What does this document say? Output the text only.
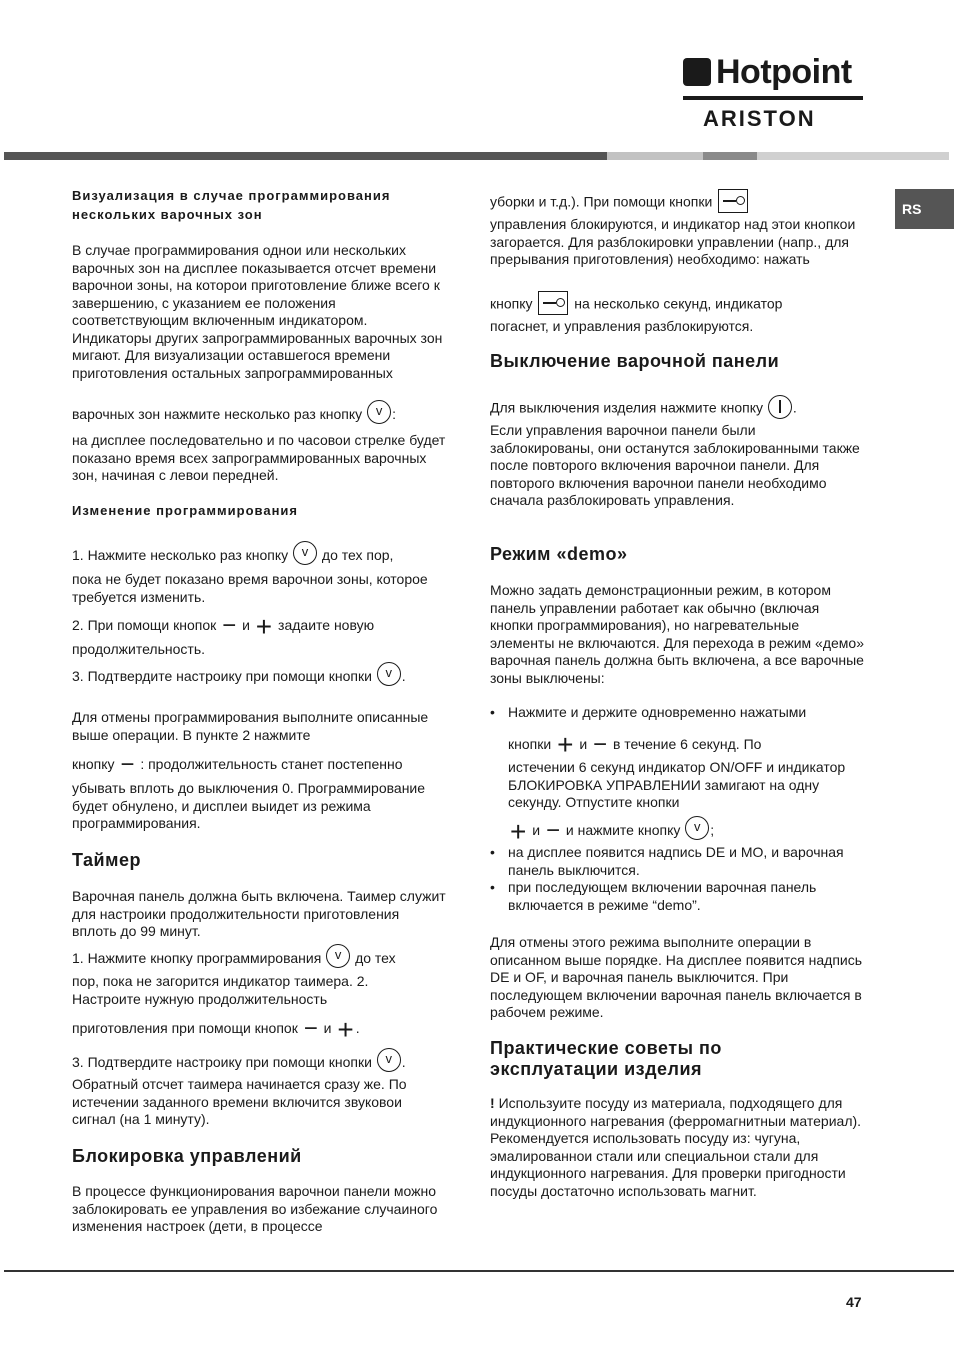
Hotpoint
ARISTON
RS
Визуализация в случае программирования нескольких варочных зон
В случае программирования однои или нескольких варочных зон на дисплее показывается отсчет времени варочнои зоны, на которои приготовление ближе всего к завершению, с указанием ее положения соответствующим включенным индикатором. Индикаторы других запрограммированных варочных зон мигают. Для визуализации оставшегося времени приготовления остальных запрограммированных
варочных зон нажмите несколько раз кнопку v :
на дисплее последовательно и по часовои стрелке будет показано время всех запрограммированных варочных зон, начиная с левои передней.
Изменение программирования
1. Нажмите несколько раз кнопку v до тех пор,
пока не будет показано время варочнои зоны, которое требуется изменить.
2. При помощи кнопок − и + задаите новую
продолжительность.
3. Подтвердите настроику при помощи кнопки v .
Для отмены программирования выполните описанные выше операции. В пункте 2 нажмите
кнопку − : продолжительность станет постепенно
убывать вплоть до выключения 0. Программирование будет обнулено, и дисплеи выидет из режима программирования.
Таймер
Варочная панель должна быть включена. Таимер служит для настроики продолжительности приготовления вплоть до 99 минут.
1. Нажмите кнопку программирования v до тех
пор, пока не загорится индикатор таимера. 2. Настроите нужную продолжительность
приготовления при помощи кнопок − и + .
3. Подтвердите настроику при помощи кнопки v .
Обратный отсчет таимера начинается сразу же. По истечении заданного времени включится звуковои сигнал (на 1 минуту).
Блокировка управлений
В процессе функционирования варочнои панели можно заблокировать ее управления во избежание случаиного изменения настроек (дети, в процессе
уборки и т.д.). При помощи кнопки
управления блокируются, и индикатор над этои кнопкои загорается. Для разблокировки управлении (напр., для прерывания приготовления) необходимо: нажать
кнопку	на несколько секунд, индикатор
погаснет, и управления разблокируются.
Выключение варочной панели
Для выключения изделия нажмите кнопку .
Если управления варочнои панели были заблокированы, они останутся заблокированными также после повторого включения варочнои панели. Для повторого включения варочнои панели необходимо сначала разблокировать управления.
Режим «demo»
Можно задать демонстрационныи режим, в котором панель управлении работает как обычно (включая кнопки программирования), но нагревательные элементы не включаются. Для перехода в режим «демо» варочная панель должна быть включена, а все варочные зоны выключены:
• Нажмите и держите одновременно нажатыми
кнопки + и − в течение 6 секунд. По
истечении 6 секунд индикатор ON/OFF и индикатор БЛОКИРОВКА УПРАВЛЕНИИ замигают на одну секунду. Отпустите кнопки
+ и − и нажмите кнопку v ;
• на дисплее появится надпись DE и MO, и варочная панель выключится.
• при последующем включении варочная панель включается в режиме “demo”.
Для отмены этого режима выполните операции в описанном выше порядке. На дисплее появится надпись DE и OF, и варочная панель выключится. При последующем включении варочная панель включается в рабочем режиме.
Практические советы по эксплуатации изделия
! Используите посуду из материала, подходящего для индукционного нагревания (ферромагнитныи материал). Рекомендуется использовать посуду из: чугуна, эмалированнои стали или специальнои стали для индукционного нагревания. Для проверки пригодности посуды достаточно использовать магнит.
47
